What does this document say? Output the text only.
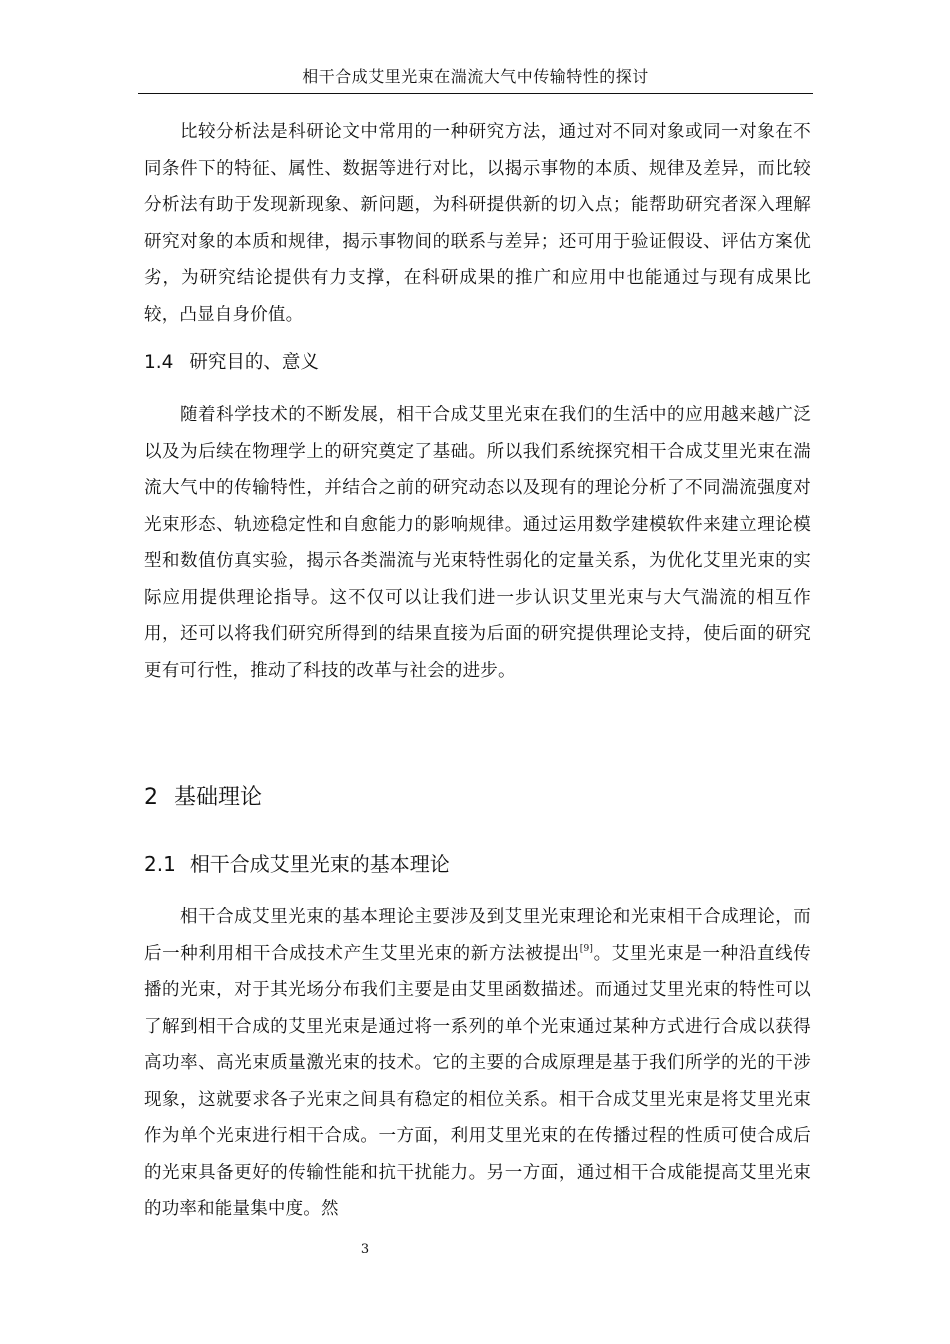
相干合成艾里光束在湍流大气中传输特性的探讨

比较分析法是科研论文中常用的一种研究方法，通过对不同对象或同一对象在不同条件下的特征、属性、数据等进行对比，以揭示事物的本质、规律及差异，而比较分析法有助于发现新现象、新问题，为科研提供新的切入点；能帮助研究者深入理解研究对象的本质和规律，揭示事物间的联系与差异；还可用于验证假设、评估方案优劣，为研究结论提供有力支撑，在科研成果的推广和应用中也能通过与现有成果比较，凸显自身价值。

1.4 研究目的、意义

随着科学技术的不断发展，相干合成艾里光束在我们的生活中的应用越来越广泛以及为后续在物理学上的研究奠定了基础。所以我们系统探究相干合成艾里光束在湍流大气中的传输特性，并结合之前的研究动态以及现有的理论分析了不同湍流强度对光束形态、轨迹稳定性和自愈能力的影响规律。通过运用数学建模软件来建立理论模型和数值仿真实验，揭示各类湍流与光束特性弱化的定量关系，为优化艾里光束的实际应用提供理论指导。这不仅可以让我们进一步认识艾里光束与大气湍流的相互作用，还可以将我们研究所得到的结果直接为后面的研究提供理论支持，使后面的研究更有可行性，推动了科技的改革与社会的进步。

2 基础理论
2.1 相干合成艾里光束的基本理论

相干合成艾里光束的基本理论主要涉及到艾里光束理论和光束相干合成理论，而后一种利用相干合成技术产生艾里光束的新方法被提出[9]。艾里光束是一种沿直线传播的光束，对于其光场分布我们主要是由艾里函数描述。而通过艾里光束的特性可以了解到相干合成的艾里光束是通过将一系列的单个光束通过某种方式进行合成以获得高功率、高光束质量激光束的技术。它的主要的合成原理是基于我们所学的光的干涉现象，这就要求各子光束之间具有稳定的相位关系。相干合成艾里光束是将艾里光束作为单个光束进行相干合成。一方面，利用艾里光束的在传播过程的性质可使合成后的光束具备更好的传输性能和抗干扰能力。另一方面，通过相干合成能提高艾里光束的功率和能量集中度。然

3
